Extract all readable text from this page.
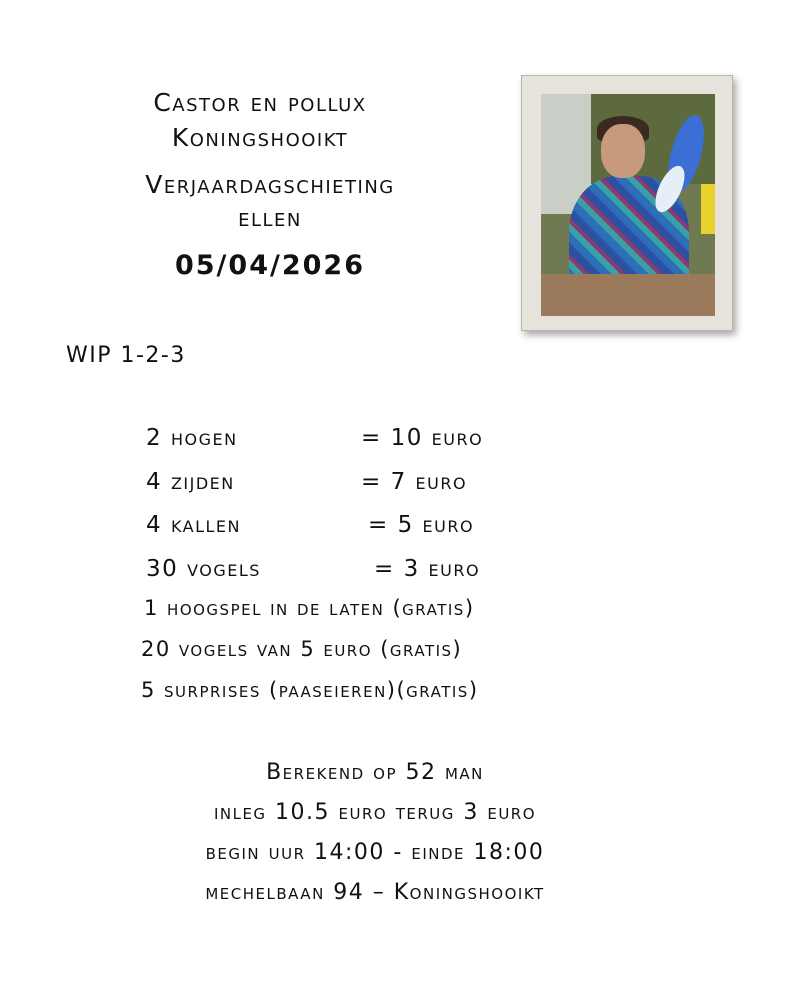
Castor en pollux
Koningshooikt
Verjaardagschieting
ellen
05/04/2026
WIP 1-2-3
2 hogen	= 10 euro
4 zijden	= 7 euro
4 kallen	= 5 euro
30 vogels	= 3 euro
1 hoogspel in de laten (gratis)
20 vogels van 5 euro (gratis)
5 surprises (paaseieren)(gratis)
Berekend op 52 man
inleg 10.5 euro terug 3 euro
begin uur 14:00 - einde 18:00
mechelbaan 94 – Koningshooikt
